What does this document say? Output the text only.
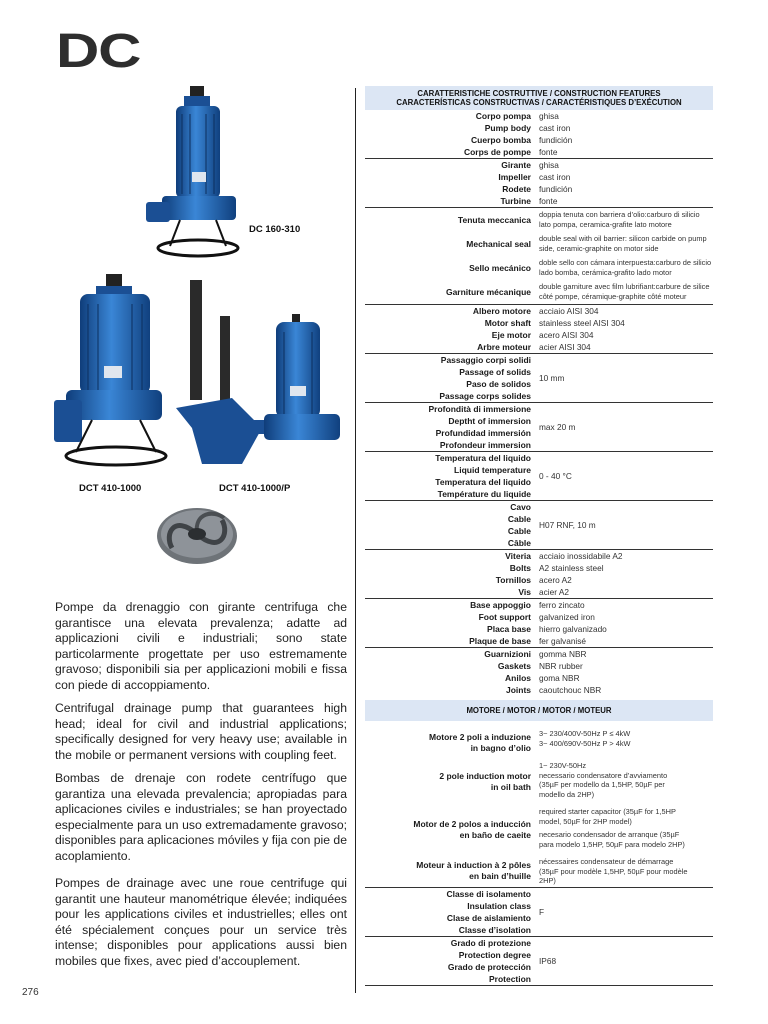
DC
276
DC 160-310
DCT 410-1000	DCT 410-1000/P

Pompe da drenaggio con girante centrifuga che garantisce una elevata prevalenza; adatte ad applicazioni civili e industriali; sono state particolarmente progettate per uso estremamente gravoso; disponibili sia per applicazioni mobili e fissa con piede di accoppiamento.

Centrifugal drainage pump that guarantees high head; ideal for civil and industrial applications; specifically designed for very heavy use; available in the mobile or permanent versions with coupling feet.

Bombas de drenaje con rodete centrífugo que garantiza una elevada prevalencia; apropiadas para aplicaciones civiles e industriales; se han proyectado especialmente para un uso extremadamente gravoso; disponibles para aplicaciones móviles y fija con pie de acoplamiento.

Pompes de drainage avec une roue centrifuge qui garantit une hauteur manométrique élevée; indiquées pour les applications civiles et industrielles; elles ont été spécialement conçues pour un service très intense; disponibles pour applications aussi bien mobiles que fixes, avec pied d’accouplement.

CARATTERISTICHE COSTRUTTIVE / CONSTRUCTION FEATURES
CARACTERÍSTICAS CONSTRUCTIVAS / CARACTÉRISTIQUES D’EXÉCUTION
Corpo pompa
Pump body
Cuerpo bomba
Corps de pompe
ghisa
cast iron
fundición
fonte
Girante
Impeller
Rodete
Turbine
ghisa
cast iron
fundición
fonte
Tenuta meccanica
doppia tenuta con barriera d’olio:carburo di silicio lato pompa, ceramica-grafite lato motore
Mechanical seal
double seal with oil barrier: silicon carbide on pump side, ceramic-graphite on motor side
Sello mecánico
doble sello con cámara interpuesta:carburo de silicio lado bomba, cerámica-grafito lado motor
Garniture mécanique
double garniture avec film lubrifiant:carbure de silice côté pompe, céramique-graphite côté moteur
Albero motore
Motor shaft
Eje motor
Arbre moteur
acciaio AISI 304
stainless steel AISI 304
acero AISI 304
acier AISI 304
Passaggio corpi solidi
Passage of solids
Paso de solidos
Passage corps solides
10 mm
Profondità di immersione
Deptht of immersion
Profundidad immersión
Profondeur immersion
max 20 m
Temperatura del liquido
Liquid temperature
Temperatura del liquido
Température du liquide
0 - 40 °C
Cavo
Cable
Cable
Câble
H07 RNF, 10 m
Viteria
Bolts
Tornillos
Vis
acciaio inossidabile A2
A2 stainless steel
acero A2
acier A2
Base appoggio
Foot support
Placa base
Plaque de base
ferro zincato
galvanized iron
hierro galvanizado
fer galvanisé
Guarnizioni
Gaskets
Anilos
Joints
gomma NBR
NBR rubber
goma NBR
caoutchouc NBR
MOTORE / MOTOR / MOTOR / MOTEUR
Motore 2 poli a induzione
in bagno d’olio
3~ 230/400V-50Hz P ≤ 4kW
3~ 400/690V-50Hz P > 4kW
2 pole induction motor
in oil bath
1~ 230V-50Hz
necessario condensatore d’avviamento
(35µF per modello da 1,5HP, 50µF per
modello da 2HP)
Motor de 2 polos a inducción
en baño de caeite
required starter capacitor (35µF for 1,5HP
model, 50µF for 2HP model)
necesario condensador de arranque (35µF
para modelo 1,5HP, 50µF para modelo 2HP)
Moteur à induction à 2 pôles
en bain d’huille
nécessaires condensateur de démarrage
(35µF pour modèle 1,5HP, 50µF pour modèle
2HP)
Classe di isolamento
Insulation class
Clase de aislamiento
Classe d’isolation
F
Grado di protezione
Protection degree
Grado de protección
Protection
IP68
